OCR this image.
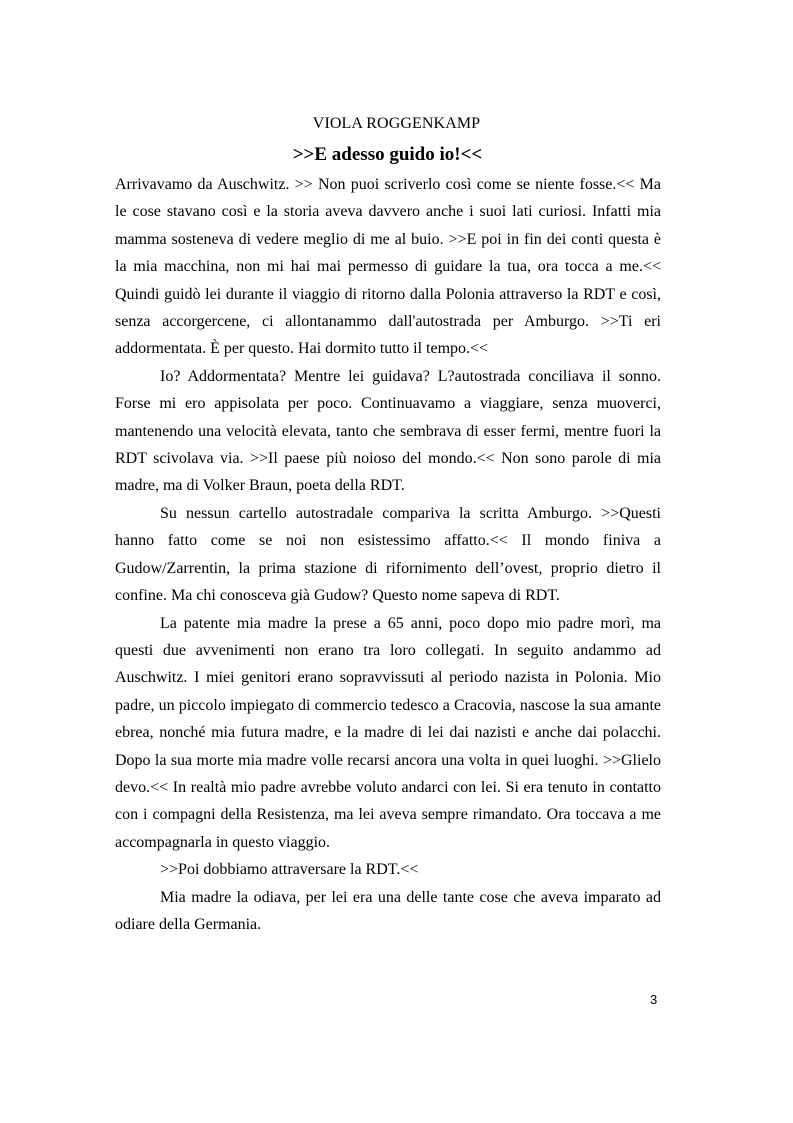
VIOLA ROGGENKAMP
>>E adesso guido io!<<

Arrivavamo da Auschwitz. >> Non puoi scriverlo così come se niente fosse.<< Ma le cose stavano così e la storia aveva davvero anche i suoi lati curiosi. Infatti mia mamma sosteneva di vedere meglio di me al buio. >>E poi in fin dei conti questa è la mia macchina, non mi hai mai permesso di guidare la tua, ora tocca a me.<< Quindi guidò lei durante il viaggio di ritorno dalla Polonia attraverso la RDT e così, senza accorgercene, ci allontanammo dall'autostrada per Amburgo. >>Ti eri addormentata. È per questo. Hai dormito tutto il tempo.<<

Io? Addormentata? Mentre lei guidava? L?autostrada conciliava il sonno. Forse mi ero appisolata per poco. Continuavamo a viaggiare, senza muoverci, mantenendo una velocità elevata, tanto che sembrava di esser fermi, mentre fuori la RDT scivolava via. >>Il paese più noioso del mondo.<< Non sono parole di mia madre, ma di Volker Braun, poeta della RDT.

Su nessun cartello autostradale compariva la scritta Amburgo. >>Questi hanno fatto come se noi non esistessimo affatto.<< Il mondo finiva a Gudow/Zarrentin, la prima stazione di rifornimento dell’ovest, proprio dietro il confine. Ma chi conosceva già Gudow? Questo nome sapeva di RDT.

La patente mia madre la prese a 65 anni, poco dopo mio padre morì, ma questi due avvenimenti non erano tra loro collegati. In seguito andammo ad Auschwitz. I miei genitori erano sopravvissuti al periodo nazista in Polonia. Mio padre, un piccolo impiegato di commercio tedesco a Cracovia, nascose la sua amante ebrea, nonché mia futura madre, e la madre di lei dai nazisti e anche dai polacchi. Dopo la sua morte mia madre volle recarsi ancora una volta in quei luoghi. >>Glielo devo.<< In realtà mio padre avrebbe voluto andarci con lei. Si era tenuto in contatto con i compagni della Resistenza, ma lei aveva sempre rimandato. Ora toccava a me accompagnarla in questo viaggio.

>>Poi dobbiamo attraversare la RDT.<<

Mia madre la odiava, per lei era una delle tante cose che aveva imparato ad odiare della Germania.

3
